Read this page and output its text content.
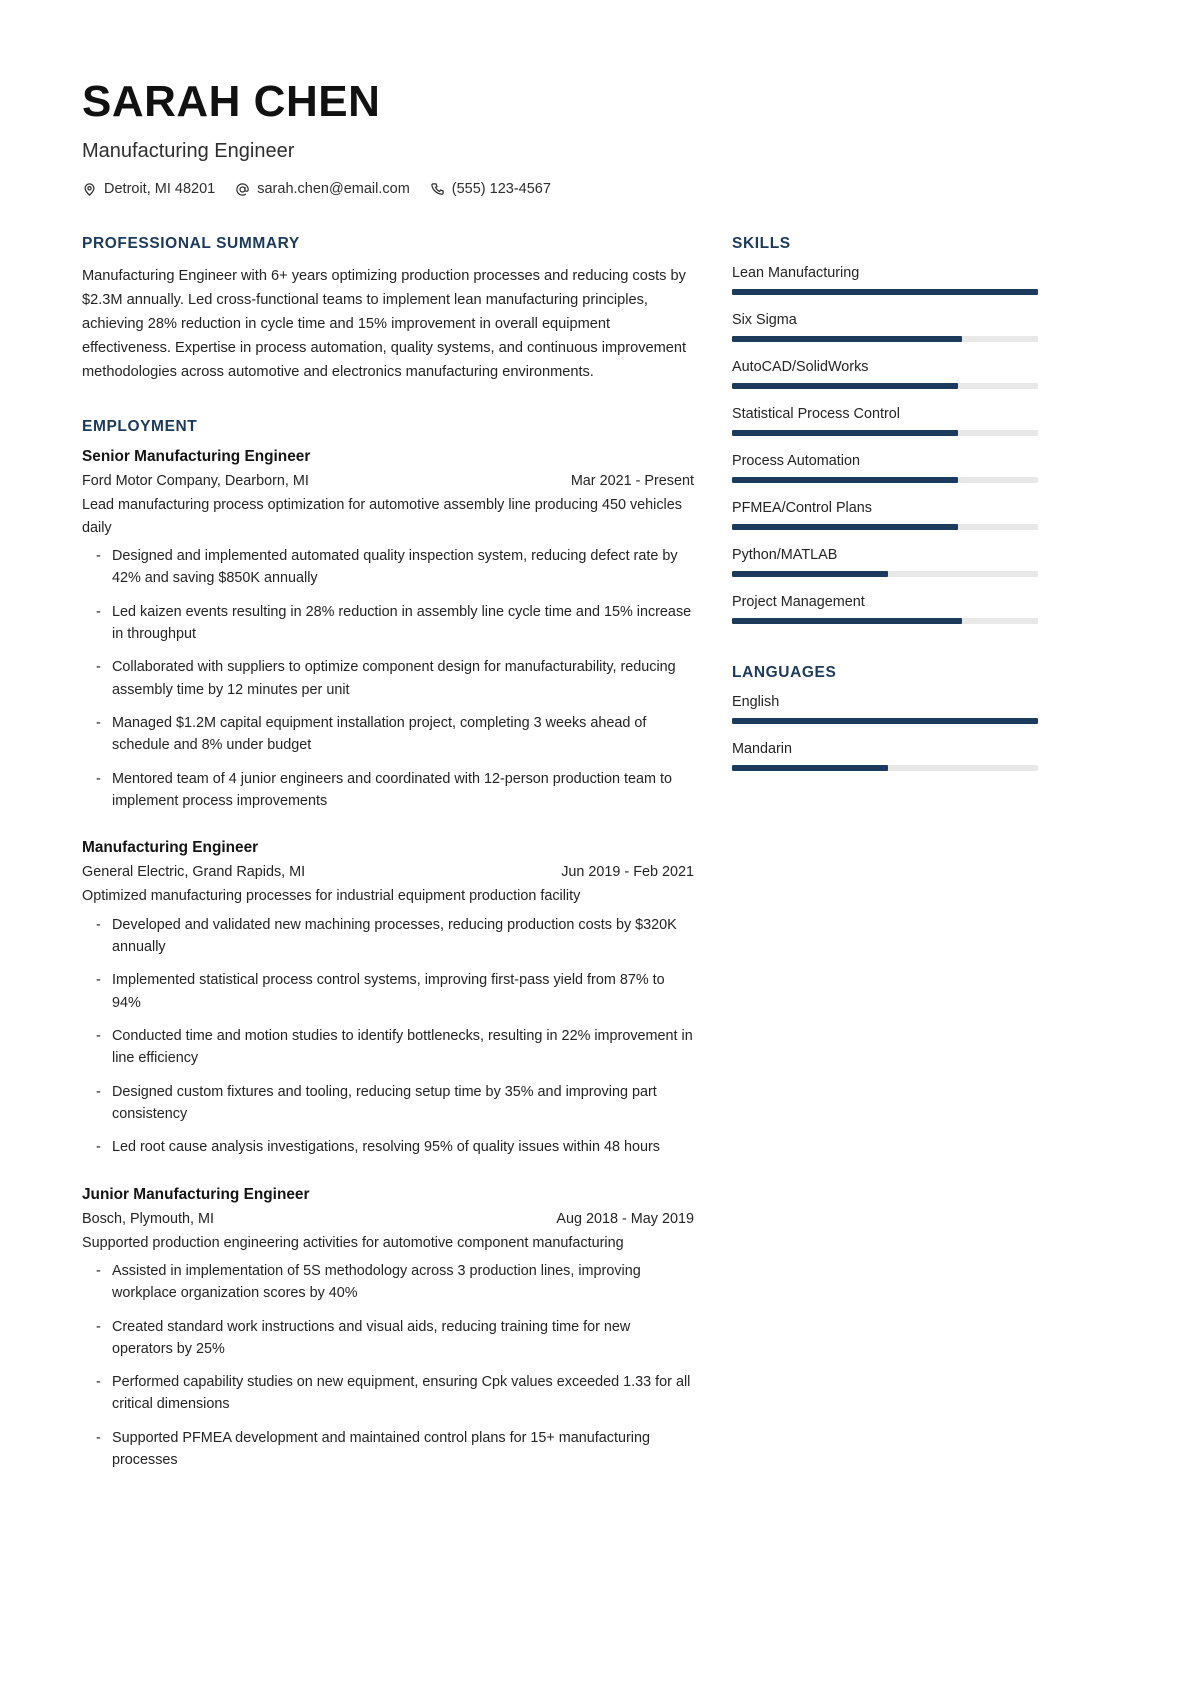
SARAH CHEN
Manufacturing Engineer
Detroit, MI 48201	sarah.chen@email.com	(555) 123-4567
PROFESSIONAL SUMMARY
Manufacturing Engineer with 6+ years optimizing production processes and reducing costs by $2.3M annually. Led cross-functional teams to implement lean manufacturing principles, achieving 28% reduction in cycle time and 15% improvement in overall equipment effectiveness. Expertise in process automation, quality systems, and continuous improvement methodologies across automotive and electronics manufacturing environments.
EMPLOYMENT
Senior Manufacturing Engineer
Ford Motor Company, Dearborn, MI	Mar 2021 - Present
Lead manufacturing process optimization for automotive assembly line producing 450 vehicles daily
- Designed and implemented automated quality inspection system, reducing defect rate by 42% and saving $850K annually
- Led kaizen events resulting in 28% reduction in assembly line cycle time and 15% increase in throughput
- Collaborated with suppliers to optimize component design for manufacturability, reducing assembly time by 12 minutes per unit
- Managed $1.2M capital equipment installation project, completing 3 weeks ahead of schedule and 8% under budget
- Mentored team of 4 junior engineers and coordinated with 12-person production team to implement process improvements
Manufacturing Engineer
General Electric, Grand Rapids, MI	Jun 2019 - Feb 2021
Optimized manufacturing processes for industrial equipment production facility
- Developed and validated new machining processes, reducing production costs by $320K annually
- Implemented statistical process control systems, improving first-pass yield from 87% to 94%
- Conducted time and motion studies to identify bottlenecks, resulting in 22% improvement in line efficiency
- Designed custom fixtures and tooling, reducing setup time by 35% and improving part consistency
- Led root cause analysis investigations, resolving 95% of quality issues within 48 hours
Junior Manufacturing Engineer
Bosch, Plymouth, MI	Aug 2018 - May 2019
Supported production engineering activities for automotive component manufacturing
- Assisted in implementation of 5S methodology across 3 production lines, improving workplace organization scores by 40%
- Created standard work instructions and visual aids, reducing training time for new operators by 25%
- Performed capability studies on new equipment, ensuring Cpk values exceeded 1.33 for all critical dimensions
- Supported PFMEA development and maintained control plans for 15+ manufacturing processes
SKILLS
Lean Manufacturing
Six Sigma
AutoCAD/SolidWorks
Statistical Process Control
Process Automation
PFMEA/Control Plans
Python/MATLAB
Project Management
LANGUAGES
English
Mandarin
